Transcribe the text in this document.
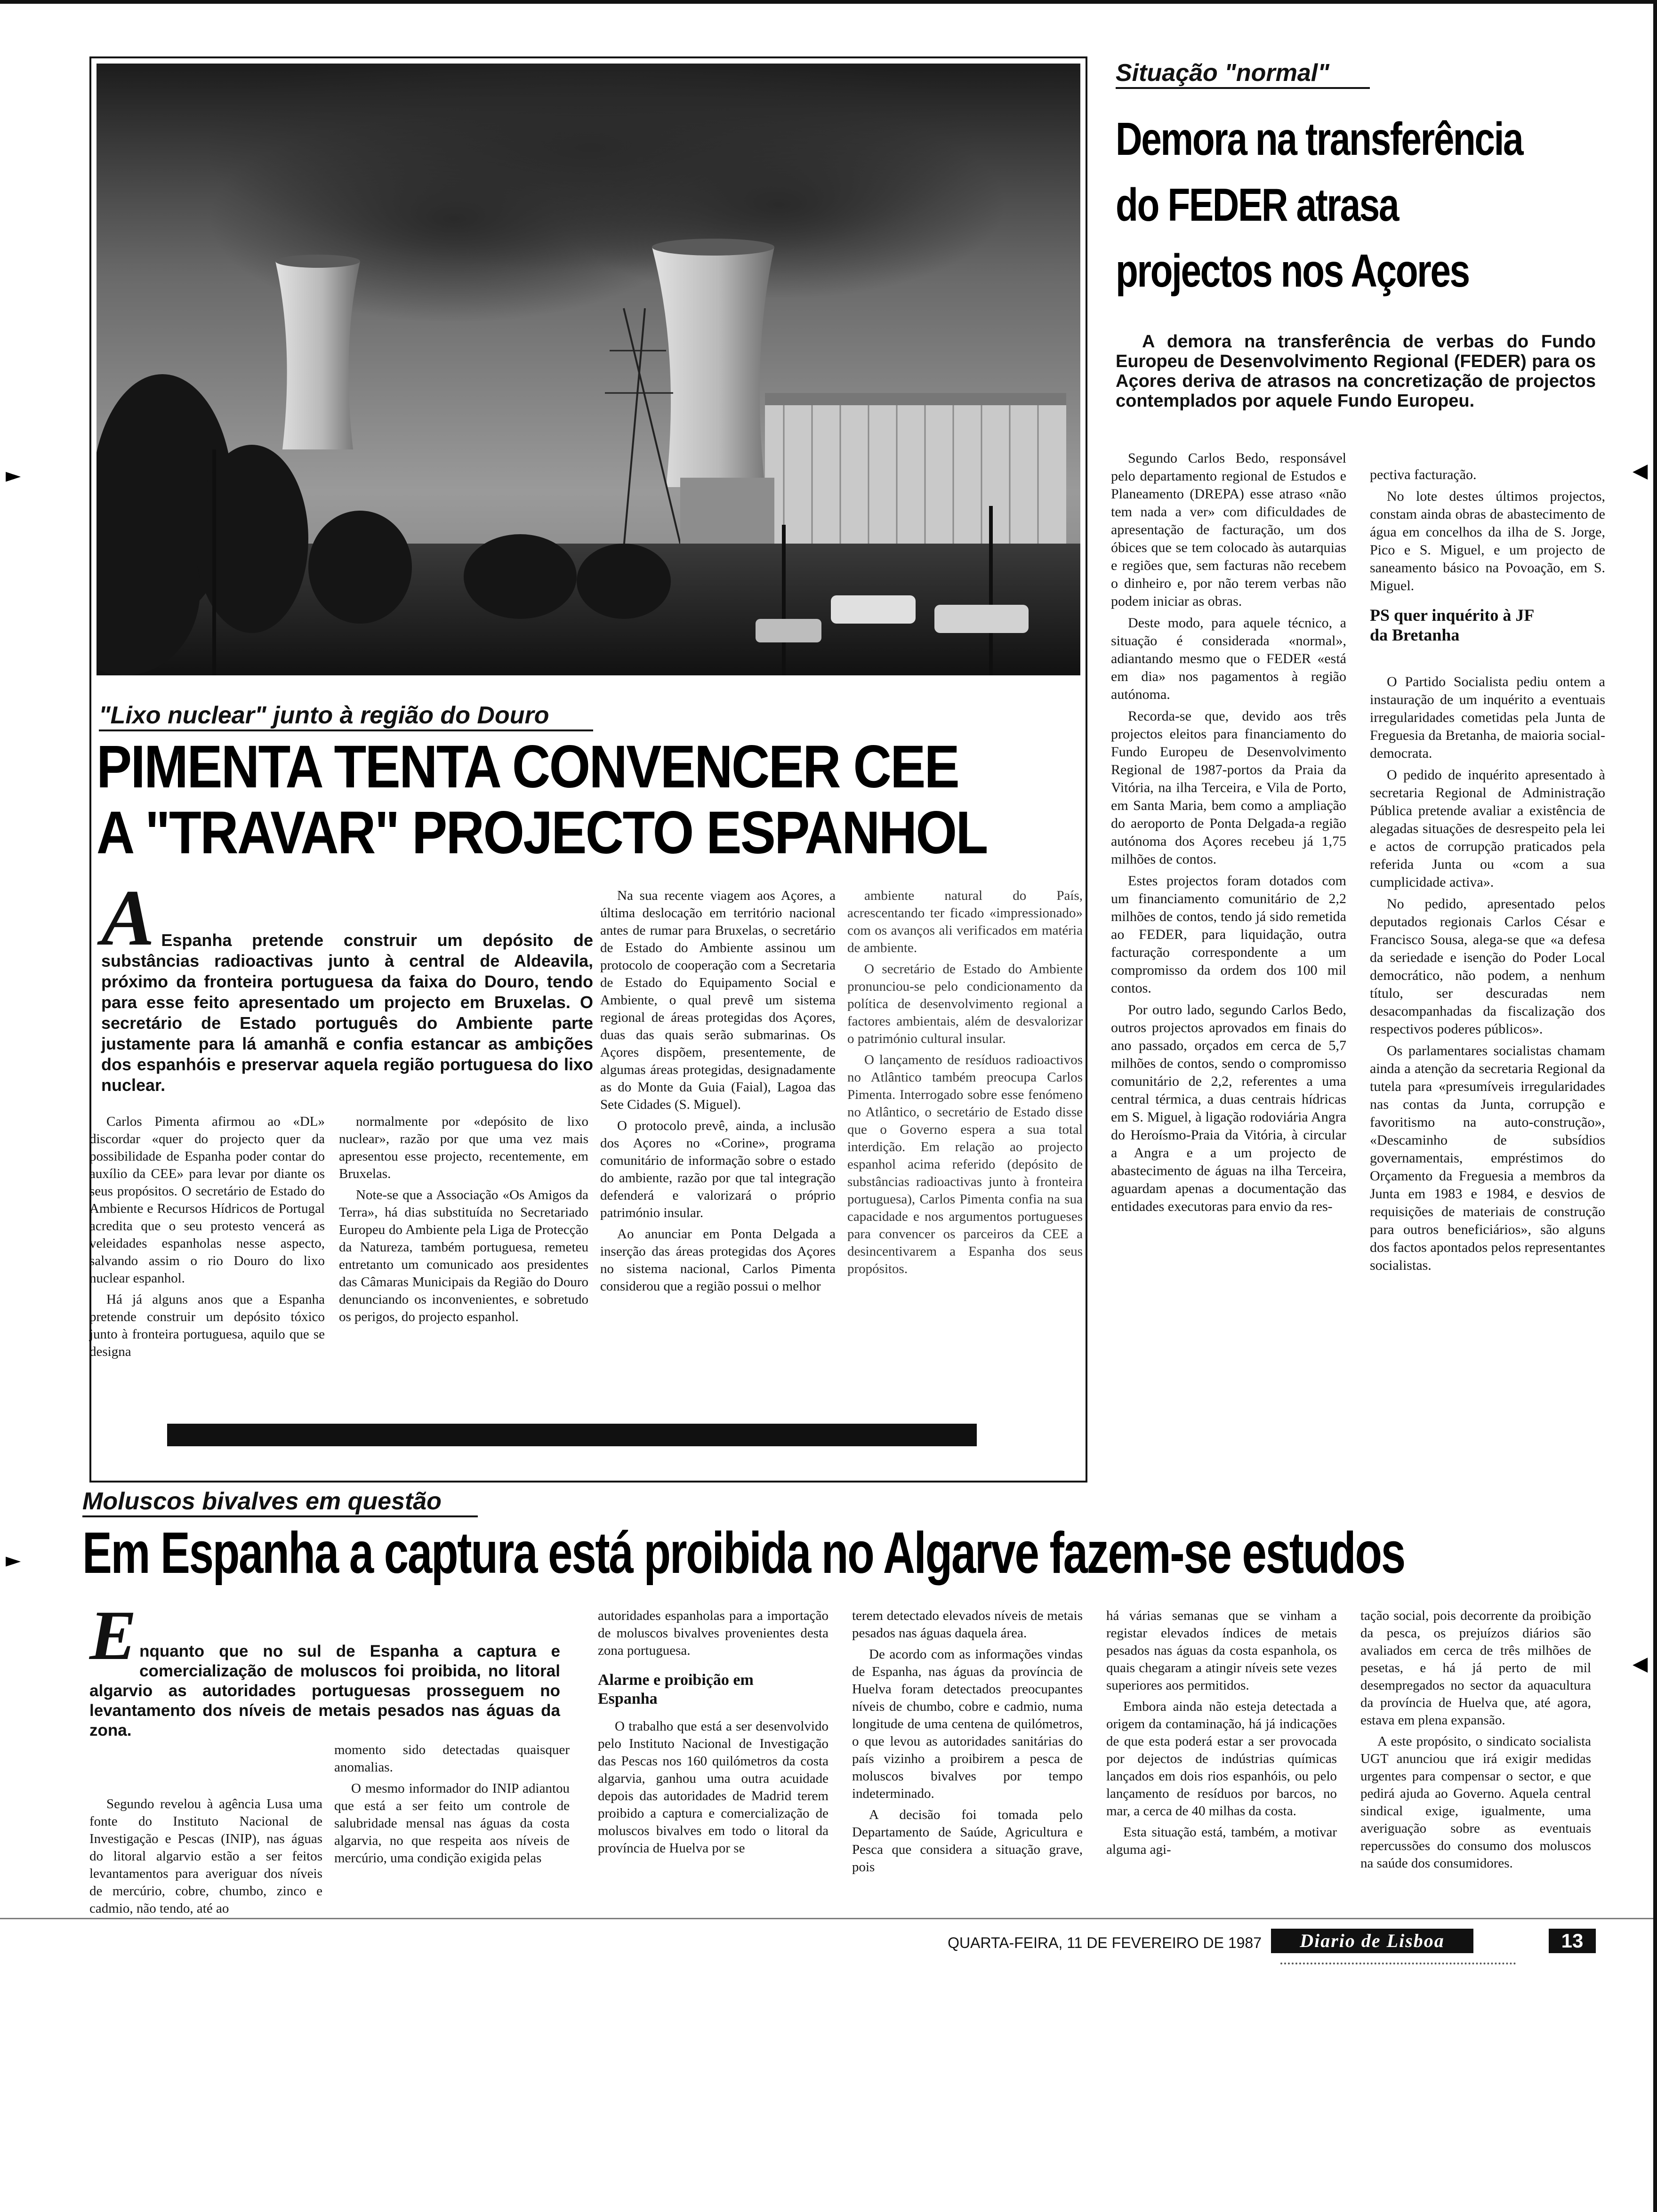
►
►
◀
◀
"Lixo nuclear" junto à região do Douro
PIMENTA TENTA CONVENCER CEE
A "TRAVAR" PROJECTO ESPANHOL
A Espanha pretende construir um depósito de substâncias radioactivas junto à central de Aldeavila, próximo da fronteira portuguesa da faixa do Douro, tendo para esse feito apresentado um projecto em Bruxelas. O secretário de Estado português do Ambiente parte justamente para lá amanhã e confia estancar as ambições dos espanhóis e preservar aquela região portuguesa do lixo nuclear.

Carlos Pimenta afirmou ao «DL» discordar «quer do projecto quer da possibilidade de Espanha poder contar do auxílio da CEE» para levar por diante os seus propósitos. O secretário de Estado do Ambiente e Recursos Hídricos de Portugal acredita que o seu protesto vencerá as veleidades espanholas nesse aspecto, salvando assim o rio Douro do lixo nuclear espanhol.

Há já alguns anos que a Espanha pretende construir um depósito tóxico junto à fronteira portuguesa, aquilo que se designa

normalmente por «depósito de lixo nuclear», razão por que uma vez mais apresentou esse projecto, recentemente, em Bruxelas.

Note-se que a Associação «Os Amigos da Terra», há dias substituída no Secretariado Europeu do Ambiente pela Liga de Protecção da Natureza, também portuguesa, remeteu entretanto um comunicado aos presidentes das Câmaras Municipais da Região do Douro denunciando os inconvenientes, e sobretudo os perigos, do projecto espanhol.

Na sua recente viagem aos Açores, a última deslocação em território nacional antes de rumar para Bruxelas, o secretário de Estado do Ambiente assinou um protocolo de cooperação com a Secretaria de Estado do Equipamento Social e Ambiente, o qual prevê um sistema regional de áreas protegidas dos Açores, duas das quais serão submarinas. Os Açores dispõem, presentemente, de algumas áreas protegidas, designadamente as do Monte da Guia (Faial), Lagoa das Sete Cidades (S. Miguel).

O protocolo prevê, ainda, a inclusão dos Açores no «Corine», programa comunitário de informação sobre o estado do ambiente, razão por que tal integração defenderá e valorizará o próprio património insular.

Ao anunciar em Ponta Delgada a inserção das áreas protegidas dos Açores no sistema nacional, Carlos Pimenta considerou que a região possui o melhor

ambiente natural do País, acrescentando ter ficado «impressionado» com os avanços ali verificados em matéria de ambiente.

O secretário de Estado do Ambiente pronunciou-se pelo condicionamento da política de desenvolvimento regional a factores ambientais, além de desvalorizar o património cultural insular.

O lançamento de resíduos radioactivos no Atlântico também preocupa Carlos Pimenta. Interrogado sobre esse fenómeno no Atlântico, o secretário de Estado disse que o Governo espera a sua total interdição. Em relação ao projecto espanhol acima referido (depósito de substâncias radioactivas junto à fronteira portuguesa), Carlos Pimenta confia na sua capacidade e nos argumentos portugueses para convencer os parceiros da CEE a desincentivarem a Espanha dos seus propósitos.

Situação "normal"
Demora na transferência
do FEDER atrasa
projectos nos Açores
A demora na transferência de verbas do Fundo Europeu de Desenvolvimento Regional (FEDER) para os Açores deriva de atrasos na concretização de projectos contemplados por aquele Fundo Europeu.

Segundo Carlos Bedo, responsável pelo departamento regional de Estudos e Planeamento (DREPA) esse atraso «não tem nada a ver» com dificuldades de apresentação de facturação, um dos óbices que se tem colocado às autarquias e regiões que, sem facturas não recebem o dinheiro e, por não terem verbas não podem iniciar as obras.

Deste modo, para aquele técnico, a situação é considerada «normal», adiantando mesmo que o FEDER «está em dia» nos pagamentos à região autónoma.

Recorda-se que, devido aos três projectos eleitos para financiamento do Fundo Europeu de Desenvolvimento Regional de 1987-portos da Praia da Vitória, na ilha Terceira, e Vila de Porto, em Santa Maria, bem como a ampliação do aeroporto de Ponta Delgada-a região autónoma dos Açores recebeu já 1,75 milhões de contos.

Estes projectos foram dotados com um financiamento comunitário de 2,2 milhões de contos, tendo já sido remetida ao FEDER, para liquidação, outra facturação correspondente a um compromisso da ordem dos 100 mil contos.

Por outro lado, segundo Carlos Bedo, outros projectos aprovados em finais do ano passado, orçados em cerca de 5,7 milhões de contos, sendo o compromisso comunitário de 2,2, referentes a uma central térmica, a duas centrais hídricas em S. Miguel, à ligação rodoviária Angra do Heroísmo-Praia da Vitória, à circular a Angra e a um projecto de abastecimento de águas na ilha Terceira, aguardam apenas a documentação das entidades executoras para envio da res-

pectiva facturação.

No lote destes últimos projectos, constam ainda obras de abastecimento de água em concelhos da ilha de S. Jorge, Pico e S. Miguel, e um projecto de saneamento básico na Povoação, em S. Miguel.

PS quer inquérito à JF da Bretanha

O Partido Socialista pediu ontem a instauração de um inquérito a eventuais irregularidades cometidas pela Junta de Freguesia da Bretanha, de maioria social-democrata.

O pedido de inquérito apresentado à secretaria Regional de Administração Pública pretende avaliar a existência de alegadas situações de desrespeito pela lei e actos de corrupção praticados pela referida Junta ou «com a sua cumplicidade activa».

No pedido, apresentado pelos deputados regionais Carlos César e Francisco Sousa, alega-se que «a defesa da seriedade e isenção do Poder Local democrático, não podem, a nenhum título, ser descuradas nem desacompanhadas da fiscalização dos respectivos poderes públicos».

Os parlamentares socialistas chamam ainda a atenção da secretaria Regional da tutela para «presumíveis irregularidades nas contas da Junta, corrupção e favoritismo na auto-construção», «Descaminho de subsídios governamentais, empréstimos do Orçamento da Freguesia a membros da Junta em 1983 e 1984, e desvios de requisições de materiais de construção para outros beneficiários», são alguns dos factos apontados pelos representantes socialistas.

Moluscos bivalves em questão
Em Espanha a captura está proibida no Algarve fazem-se estudos
E nquanto que no sul de Espanha a captura e comercialização de moluscos foi proibida, no litoral algarvio as autoridades portuguesas prosseguem no levantamento dos níveis de metais pesados nas águas da zona.

Segundo revelou à agência Lusa uma fonte do Instituto Nacional de Investigação e Pescas (INIP), nas águas do litoral algarvio estão a ser feitos levantamentos para averiguar dos níveis de mercúrio, cobre, chumbo, zinco e cadmio, não tendo, até ao

momento sido detectadas quaisquer anomalias.

O mesmo informador do INIP adiantou que está a ser feito um controle de salubridade mensal nas águas da costa algarvia, no que respeita aos níveis de mercúrio, uma condição exigida pelas

autoridades espanholas para a importação de moluscos bivalves provenientes desta zona portuguesa.

Alarme e proibição em Espanha

O trabalho que está a ser desenvolvido pelo Instituto Nacional de Investigação das Pescas nos 160 quilómetros da costa algarvia, ganhou uma outra acuidade depois das autoridades de Madrid terem proibido a captura e comercialização de moluscos bivalves em todo o litoral da província de Huelva por se

terem detectado elevados níveis de metais pesados nas águas daquela área.

De acordo com as informações vindas de Espanha, nas águas da província de Huelva foram detectados preocupantes níveis de chumbo, cobre e cadmio, numa longitude de uma centena de quilómetros, o que levou as autoridades sanitárias do país vizinho a proibirem a pesca de moluscos bivalves por tempo indeterminado.

A decisão foi tomada pelo Departamento de Saúde, Agricultura e Pesca que considera a situação grave, pois

há várias semanas que se vinham a registar elevados índices de metais pesados nas águas da costa espanhola, os quais chegaram a atingir níveis sete vezes superiores aos permitidos.

Embora ainda não esteja detectada a origem da contaminação, há já indicações de que esta poderá estar a ser provocada por dejectos de indústrias químicas lançados em dois rios espanhóis, ou pelo lançamento de resíduos por barcos, no mar, a cerca de 40 milhas da costa.

Esta situação está, também, a motivar alguma agi-

tação social, pois decorrente da proibição da pesca, os prejuízos diários são avaliados em cerca de três milhões de pesetas, e há já perto de mil desempregados no sector da aquacultura da província de Huelva que, até agora, estava em plena expansão.

A este propósito, o sindicato socialista UGT anunciou que irá exigir medidas urgentes para compensar o sector, e que pedirá ajuda ao Governo. Aquela central sindical exige, igualmente, uma averiguação sobre as eventuais repercussões do consumo dos moluscos na saúde dos consumidores.

QUARTA-FEIRA, 11 DE FEVEREIRO DE 1987	Diario de Lisboa	13
